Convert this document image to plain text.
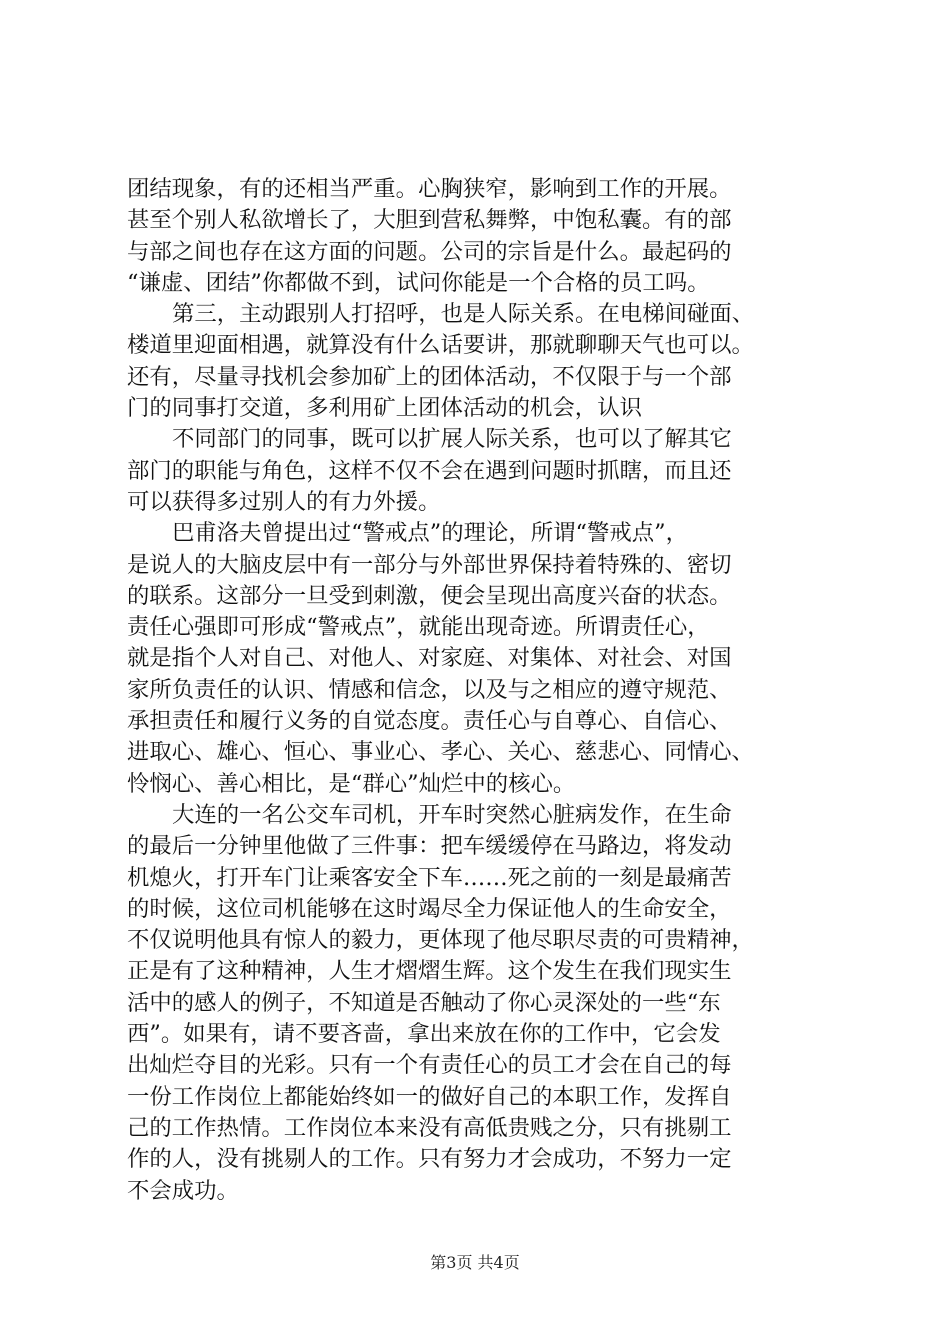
团结现象，有的还相当严重。心胸狭窄，影响到工作的开展。
甚至个别人私欲增长了，大胆到营私舞弊，中饱私囊。有的部
与部之间也存在这方面的问题。公司的宗旨是什么。最起码的
“谦虚、团结”你都做不到，试问你能是一个合格的员工吗。

第三，主动跟别人打招呼，也是人际关系。在电梯间碰面、
楼道里迎面相遇，就算没有什么话要讲，那就聊聊天气也可以。
还有，尽量寻找机会参加矿上的团体活动，不仅限于与一个部
门的同事打交道，多利用矿上团体活动的机会，认识

不同部门的同事，既可以扩展人际关系，也可以了解其它
部门的职能与角色，这样不仅不会在遇到问题时抓瞎，而且还
可以获得多过别人的有力外援。

巴甫洛夫曾提出过“警戒点”的理论，所谓“警戒点”，
是说人的大脑皮层中有一部分与外部世界保持着特殊的、密切
的联系。这部分一旦受到刺激，便会呈现出高度兴奋的状态。
责任心强即可形成“警戒点”，就能出现奇迹。所谓责任心，
就是指个人对自己、对他人、对家庭、对集体、对社会、对国
家所负责任的认识、情感和信念，以及与之相应的遵守规范、
承担责任和履行义务的自觉态度。责任心与自尊心、自信心、
进取心、雄心、恒心、事业心、孝心、关心、慈悲心、同情心、
怜悯心、善心相比，是“群心”灿烂中的核心。

大连的一名公交车司机，开车时突然心脏病发作，在生命
的最后一分钟里他做了三件事：把车缓缓停在马路边，将发动
机熄火，打开车门让乘客安全下车……死之前的一刻是最痛苦
的时候，这位司机能够在这时竭尽全力保证他人的生命安全，
不仅说明他具有惊人的毅力，更体现了他尽职尽责的可贵精神，
正是有了这种精神，人生才熠熠生辉。这个发生在我们现实生
活中的感人的例子，不知道是否触动了你心灵深处的一些“东
西”。如果有，请不要吝啬，拿出来放在你的工作中，它会发
出灿烂夺目的光彩。只有一个有责任心的员工才会在自己的每
一份工作岗位上都能始终如一的做好自己的本职工作，发挥自
己的工作热情。工作岗位本来没有高低贵贱之分，只有挑剔工
作的人，没有挑剔人的工作。只有努力才会成功，不努力一定
不会成功。

第3页 共4页
